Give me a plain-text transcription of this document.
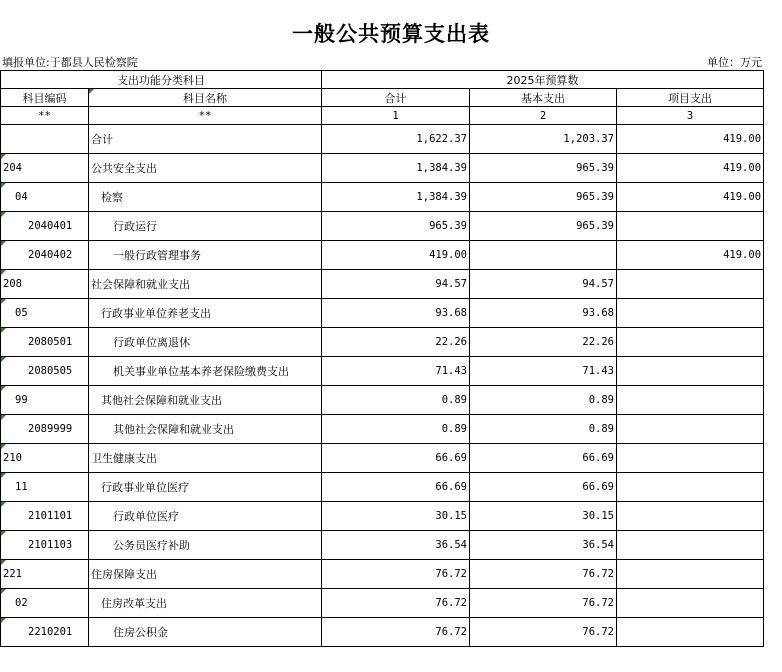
一般公共预算支出表
填报单位:于都县人民检察院	单位：万元
支出功能分类科目		2025年预算数		
科目编码	科目名称	合计	基本支出	项目支出
**	**	1	2	3
	合计	1,622.37	1,203.37	419.00
204	公共安全支出	1,384.39	965.39	419.00
04	检察	1,384.39	965.39	419.00
2040401	行政运行	965.39	965.39	
2040402	一般行政管理事务	419.00		419.00
208	社会保障和就业支出	94.57	94.57	
05	行政事业单位养老支出	93.68	93.68	
2080501	行政单位离退休	22.26	22.26	
2080505	机关事业单位基本养老保险缴费支出	71.43	71.43	
99	其他社会保障和就业支出	0.89	0.89	
2089999	其他社会保障和就业支出	0.89	0.89	
210	卫生健康支出	66.69	66.69	
11	行政事业单位医疗	66.69	66.69	
2101101	行政单位医疗	30.15	30.15	
2101103	公务员医疗补助	36.54	36.54	
221	住房保障支出	76.72	76.72	
02	住房改革支出	76.72	76.72	
2210201	住房公积金	76.72	76.72	
